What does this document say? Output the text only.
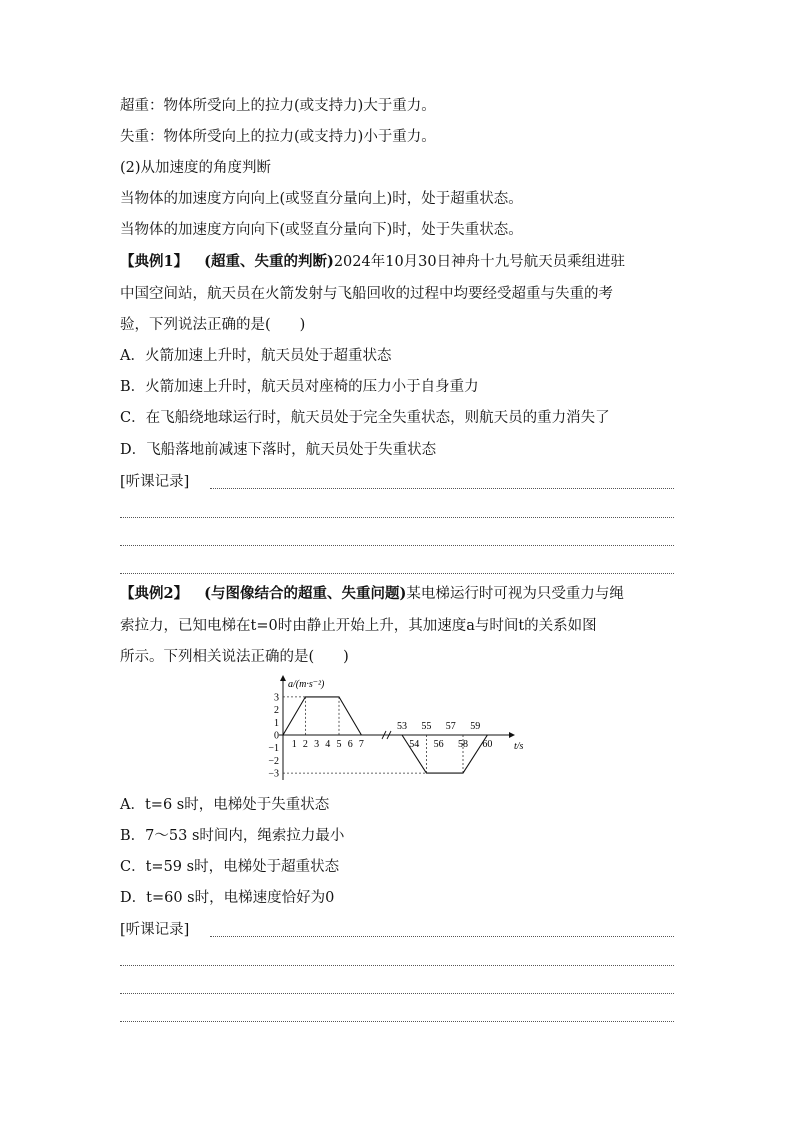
超重：物体所受向上的拉力(或支持力)大于重力。
失重：物体所受向上的拉力(或支持力)小于重力。
(2)从加速度的角度判断
当物体的加速度方向向上(或竖直分量向上)时，处于超重状态。
当物体的加速度方向向下(或竖直分量向下)时，处于失重状态。
【典例1】 (超重、失重的判断)2024年10月30日神舟十九号航天员乘组进驻
中国空间站，航天员在火箭发射与飞船回收的过程中均要经受超重与失重的考
验，下列说法正确的是(　　)
A．火箭加速上升时，航天员处于超重状态
B．火箭加速上升时，航天员对座椅的压力小于自身重力
C．在飞船绕地球运行时，航天员处于完全失重状态，则航天员的重力消失了
D．飞船落地前减速下落时，航天员处于失重状态
[听课记录]
【典例2】 (与图像结合的超重、失重问题)某电梯运行时可视为只受重力与绳
索拉力，已知电梯在t=0时由静止开始上升，其加速度a与时间t的关系如图
所示。下列相关说法正确的是(　　)
a/(m·s⁻²)
t/s
3
2
1
0
−1
−2
−3
1 2 3 4 5 6 7
53 55 57 59
54 56 58 60
A．t=6 s时，电梯处于失重状态
B．7～53 s时间内，绳索拉力最小
C．t=59 s时，电梯处于超重状态
D．t=60 s时，电梯速度恰好为0
[听课记录]
